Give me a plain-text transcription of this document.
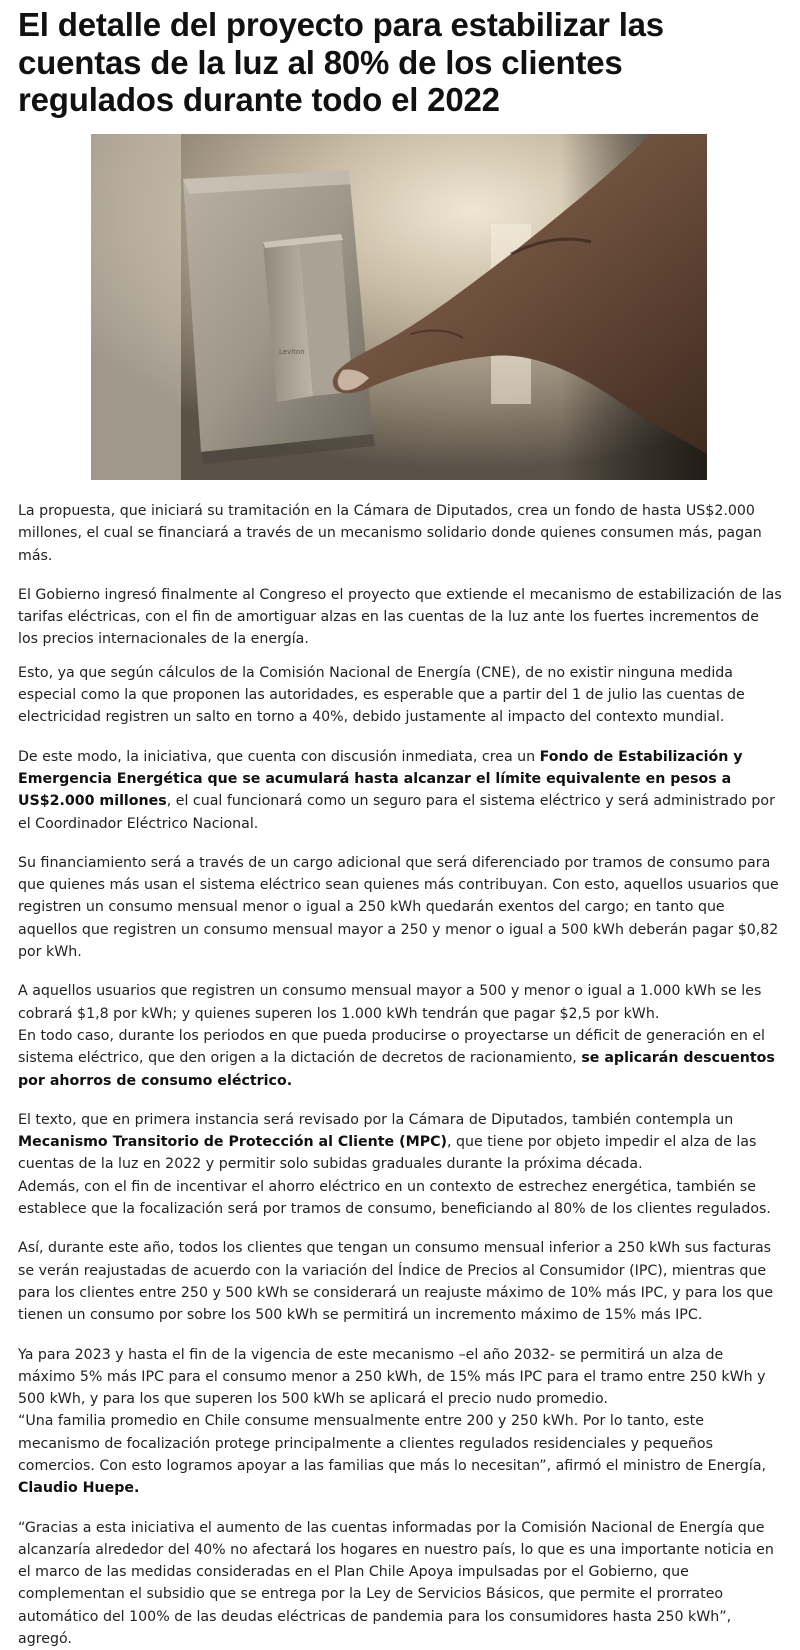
El detalle del proyecto para estabilizar las cuentas de la luz al 80% de los clientes regulados durante todo el 2022
Leviton

La propuesta, que iniciará su tramitación en la Cámara de Diputados, crea un fondo de hasta US$2.000 millones, el cual se financiará a través de un mecanismo solidario donde quienes consumen más, pagan más.

El Gobierno ingresó finalmente al Congreso el proyecto que extiende el mecanismo de estabilización de las tarifas eléctricas, con el fin de amortiguar alzas en las cuentas de la luz ante los fuertes incrementos de los precios internacionales de la energía.

Esto, ya que según cálculos de la Comisión Nacional de Energía (CNE), de no existir ninguna medida especial como la que proponen las autoridades, es esperable que a partir del 1 de julio las cuentas de electricidad registren un salto en torno a 40%, debido justamente al impacto del contexto mundial.

De este modo, la iniciativa, que cuenta con discusión inmediata, crea un Fondo de Estabilización y Emergencia Energética que se acumulará hasta alcanzar el límite equivalente en pesos a US$2.000 millones, el cual funcionará como un seguro para el sistema eléctrico y será administrado por el Coordinador Eléctrico Nacional.

Su financiamiento será a través de un cargo adicional que será diferenciado por tramos de consumo para que quienes más usan el sistema eléctrico sean quienes más contribuyan. Con esto, aquellos usuarios que registren un consumo mensual menor o igual a 250 kWh quedarán exentos del cargo; en tanto que aquellos que registren un consumo mensual mayor a 250 y menor o igual a 500 kWh deberán pagar $0,82 por kWh.

A aquellos usuarios que registren un consumo mensual mayor a 500 y menor o igual a 1.000 kWh se les cobrará $1,8 por kWh; y quienes superen los 1.000 kWh tendrán que pagar $2,5 por kWh.

En todo caso, durante los periodos en que pueda producirse o proyectarse un déficit de generación en el sistema eléctrico, que den origen a la dictación de decretos de racionamiento, se aplicarán descuentos por ahorros de consumo eléctrico.

El texto, que en primera instancia será revisado por la Cámara de Diputados, también contempla un Mecanismo Transitorio de Protección al Cliente (MPC), que tiene por objeto impedir el alza de las cuentas de la luz en 2022 y permitir solo subidas graduales durante la próxima década.

Además, con el fin de incentivar el ahorro eléctrico en un contexto de estrechez energética, también se establece que la focalización será por tramos de consumo, beneficiando al 80% de los clientes regulados.

Así, durante este año, todos los clientes que tengan un consumo mensual inferior a 250 kWh sus facturas se verán reajustadas de acuerdo con la variación del Índice de Precios al Consumidor (IPC), mientras que para los clientes entre 250 y 500 kWh se considerará un reajuste máximo de 10% más IPC, y para los que tienen un consumo por sobre los 500 kWh se permitirá un incremento máximo de 15% más IPC.

Ya para 2023 y hasta el fin de la vigencia de este mecanismo –el año 2032- se permitirá un alza de máximo 5% más IPC para el consumo menor a 250 kWh, de 15% más IPC para el tramo entre 250 kWh y 500 kWh, y para los que superen los 500 kWh se aplicará el precio nudo promedio.

“Una familia promedio en Chile consume mensualmente entre 200 y 250 kWh. Por lo tanto, este mecanismo de focalización protege principalmente a clientes regulados residenciales y pequeños comercios. Con esto logramos apoyar a las familias que más lo necesitan”, afirmó el ministro de Energía, Claudio Huepe.

“Gracias a esta iniciativa el aumento de las cuentas informadas por la Comisión Nacional de Energía que alcanzaría alrededor del 40% no afectará los hogares en nuestro país, lo que es una importante noticia en el marco de las medidas consideradas en el Plan Chile Apoya impulsadas por el Gobierno, que complementan el subsidio que se entrega por la Ley de Servicios Básicos, que permite el prorrateo automático del 100% de las deudas eléctricas de pandemia para los consumidores hasta 250 kWh”, agregó.
